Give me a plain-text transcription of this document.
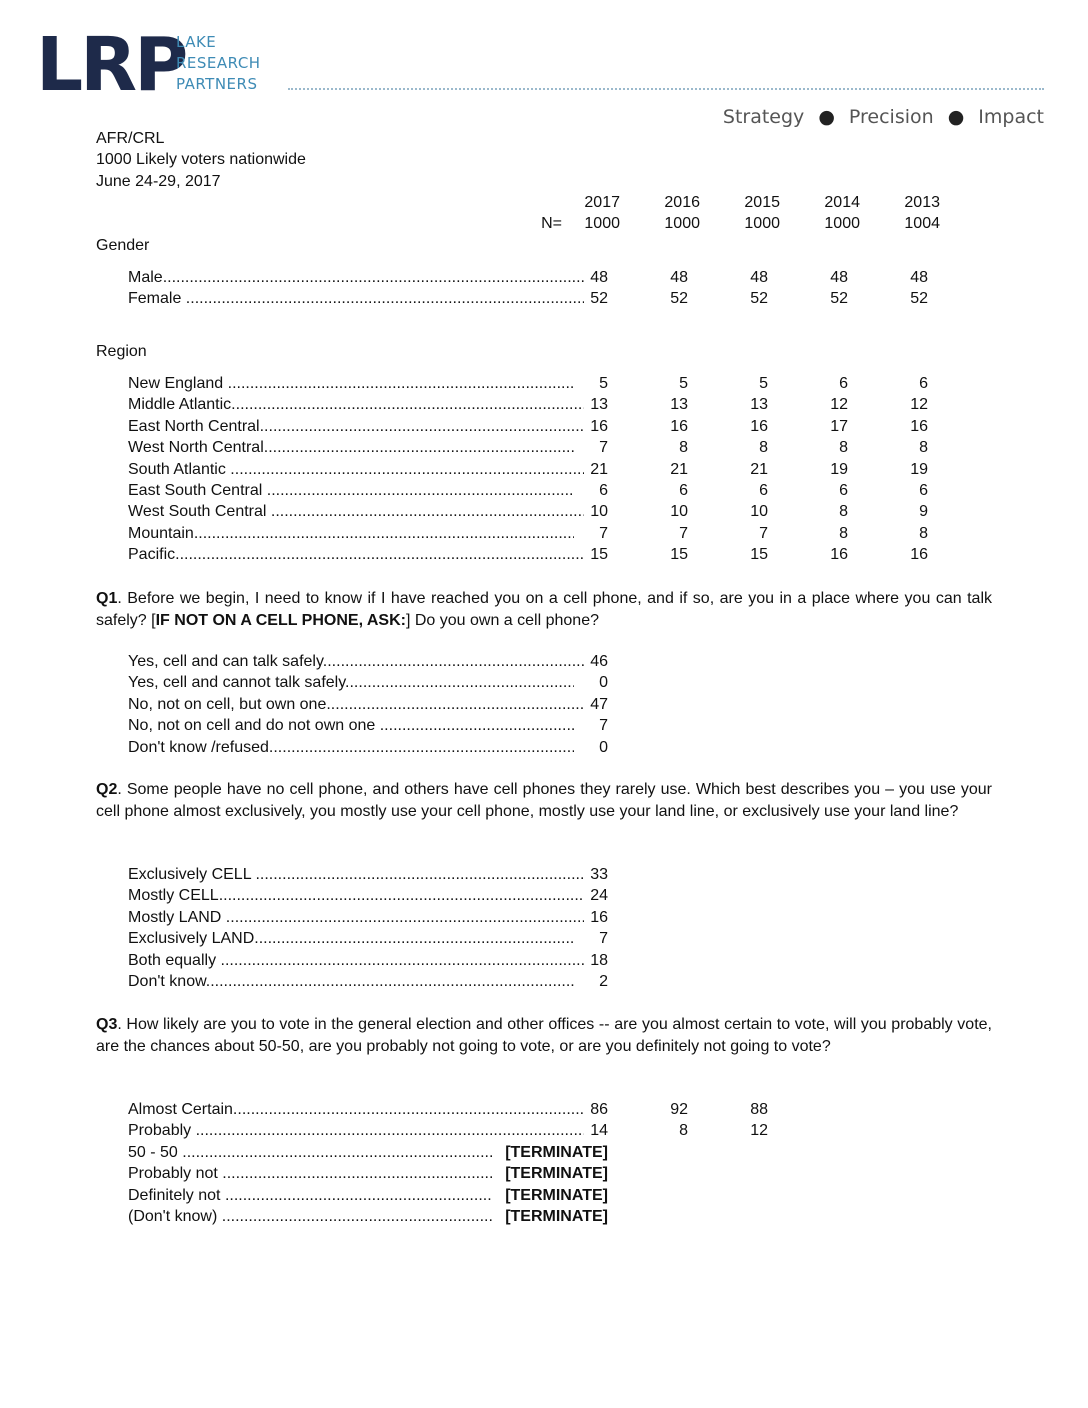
LRP
LAKE
RESEARCH
PARTNERS
Strategy ● Precision ● Impact
AFR/CRL
1000 Likely voters nationwide
June 24-29, 2017
2017	2016	2015	2014	2013
N=	1000	1000	1000	1000	1004
Gender
Male .....	48	48	48	48	48
Female .....	52	52	52	52	52
Region
New England .....	5	5	5	6	6
Middle Atlantic .....	13	13	13	12	12
East North Central .....	16	16	16	17	16
West North Central .....	7	8	8	8	8
South Atlantic .....	21	21	21	19	19
East South Central .....	6	6	6	6	6
West South Central .....	10	10	10	8	9
Mountain .....	7	7	7	8	8
Pacific .....	15	15	15	16	16
Q1. Before we begin, I need to know if I have reached you on a cell phone, and if so, are you in a place where you can talk safely? [IF NOT ON A CELL PHONE, ASK:] Do you own a cell phone?
Yes, cell and can talk safely .....	46
Yes, cell and cannot talk safely .....	0
No, not on cell, but own one .....	47
No, not on cell and do not own one .....	7
Don't know /refused .....	0
Q2. Some people have no cell phone, and others have cell phones they rarely use. Which best describes you – you use your cell phone almost exclusively, you mostly use your cell phone, mostly use your land line, or exclusively use your land line?
Exclusively CELL .....	33
Mostly CELL .....	24
Mostly LAND .....	16
Exclusively LAND .....	7
Both equally .....	18
Don't know .....	2
Q3. How likely are you to vote in the general election and other offices -- are you almost certain to vote, will you probably vote, are the chances about 50-50, are you probably not going to vote, or are you definitely not going to vote?
Almost Certain .....	86	92	88
Probably .....	14	8	12
50 - 50 .....	[TERMINATE]
Probably not .....	[TERMINATE]
Definitely not .....	[TERMINATE]
(Don't know) .....	[TERMINATE]
